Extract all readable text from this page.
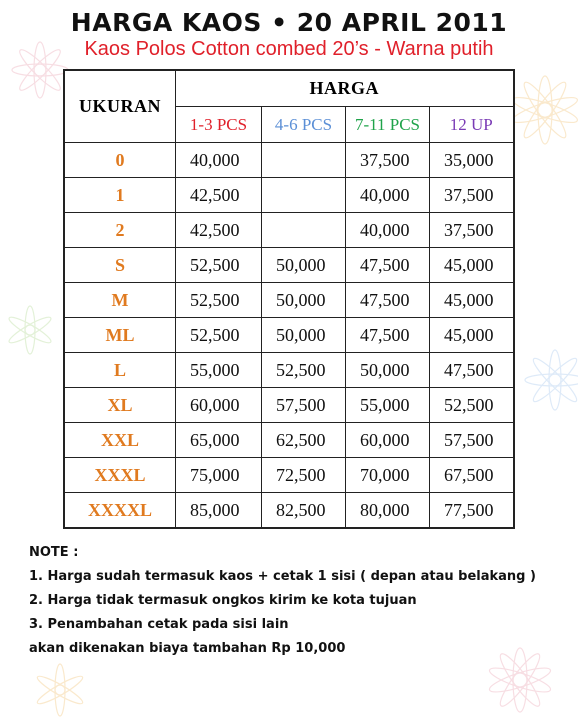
HARGA KAOS • 20 APRIL 2011
Kaos Polos Cotton combed 20’s - Warna putih
UKURAN	HARGA			
	1-3 PCS	4-6 PCS	7-11 PCS	12 UP
0	40,000		37,500	35,000
1	42,500		40,000	37,500
2	42,500		40,000	37,500
S	52,500	50,000	47,500	45,000
M	52,500	50,000	47,500	45,000
ML	52,500	50,000	47,500	45,000
L	55,000	52,500	50,000	47,500
XL	60,000	57,500	55,000	52,500
XXL	65,000	62,500	60,000	57,500
XXXL	75,000	72,500	70,000	67,500
XXXXL	85,000	82,500	80,000	77,500
NOTE :
1. Harga sudah termasuk kaos + cetak 1 sisi ( depan atau belakang )
2. Harga tidak termasuk ongkos kirim ke kota tujuan
3. Penambahan cetak pada sisi lain
akan dikenakan biaya tambahan Rp 10,000
